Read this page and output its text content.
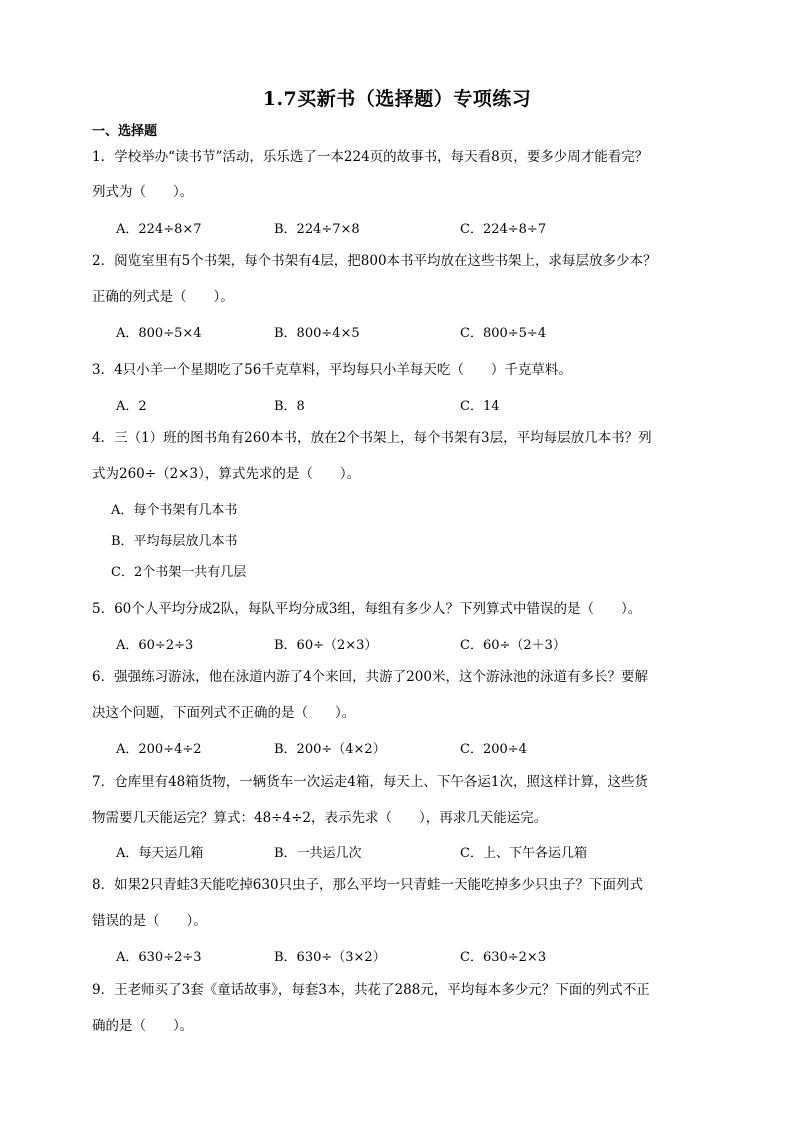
1.7买新书（选择题）专项练习
一、选择题
1．学校举办“读书节”活动，乐乐选了一本224页的故事书，每天看8页，要多少周才能看完？
列式为（　　）。
A．224÷8×7	B．224÷7×8	C．224÷8÷7
2．阅览室里有5个书架，每个书架有4层，把800本书平均放在这些书架上，求每层放多少本？
正确的列式是（　　）。
A．800÷5×4	B．800÷4×5	C．800÷5÷4
3．4只小羊一个星期吃了56千克草料，平均每只小羊每天吃（　　）千克草料。
A．2	B．8	C．14
4．三（1）班的图书角有260本书，放在2个书架上，每个书架有3层，平均每层放几本书？列
式为260÷（2×3），算式先求的是（　　）。
A．每个书架有几本书
B．平均每层放几本书
C．2个书架一共有几层
5．60个人平均分成2队，每队平均分成3组，每组有多少人？下列算式中错误的是（　　）。
A．60÷2÷3	B．60÷（2×3）	C．60÷（2＋3）
6．强强练习游泳，他在泳道内游了4个来回，共游了200米，这个游泳池的泳道有多长？要解
决这个问题，下面列式不正确的是（　　）。
A．200÷4÷2	B．200÷（4×2）	C．200÷4
7．仓库里有48箱货物，一辆货车一次运走4箱，每天上、下午各运1次，照这样计算，这些货
物需要几天能运完？算式：48÷4÷2，表示先求（　　），再求几天能运完。
A．每天运几箱	B．一共运几次	C．上、下午各运几箱
8．如果2只青蛙3天能吃掉630只虫子，那么平均一只青蛙一天能吃掉多少只虫子？下面列式
错误的是（　　）。
A．630÷2÷3	B．630÷（3×2）	C．630÷2×3
9．王老师买了3套《童话故事》，每套3本，共花了288元，平均每本多少元？下面的列式不正
确的是（　　）。
